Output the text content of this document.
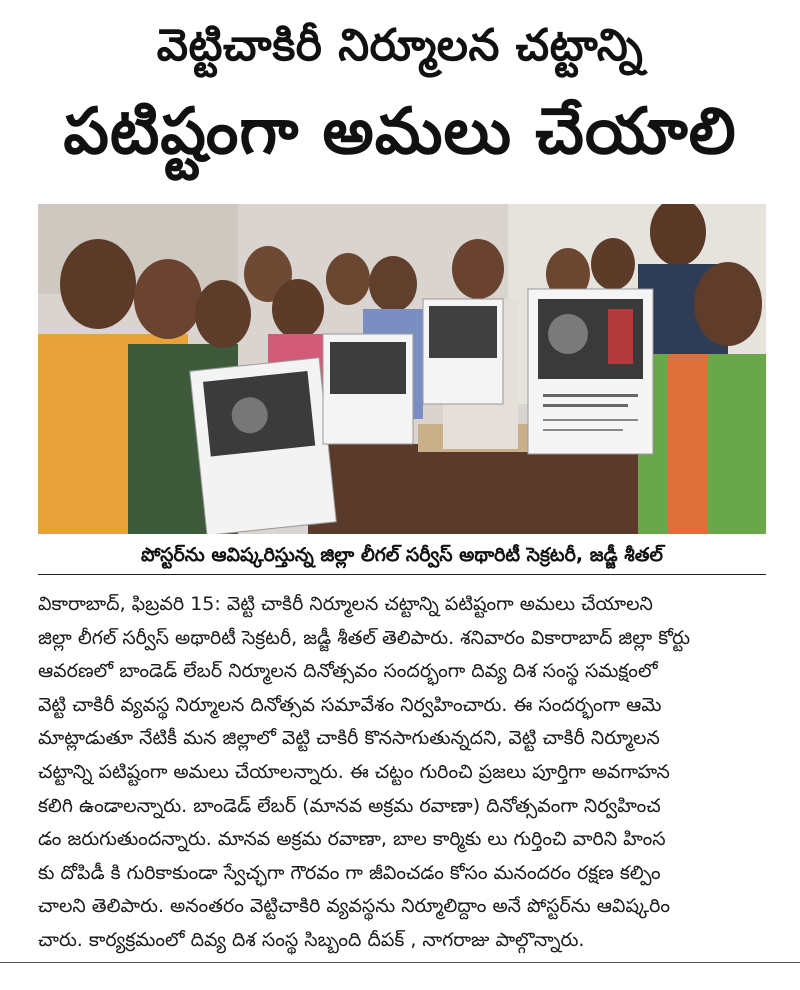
వెట్టిచాకిరీ నిర్మూలన చట్టాన్ని
పటిష్టంగా అమలు చేయాలి
పోస్టర్‌ను ఆవిష్కరిస్తున్న జిల్లా లీగల్ సర్వీస్ అథారిటీ సెక్రటరీ, జడ్జీ శీతల్
వికారాబాద్, ఫిబ్రవరి 15: వెట్టి చాకిరీ నిర్మూలన చట్టాన్ని పటిష్టంగా అమలు చేయాలని
జిల్లా లీగల్ సర్వీస్ అథారిటీ సెక్రటరీ, జడ్జీ శీతల్ తెలిపారు. శనివారం వికారాబాద్ జిల్లా కోర్టు
ఆవరణలో బాండెడ్ లేబర్ నిర్మూలన దినోత్సవం సందర్భంగా దివ్య దిశ సంస్థ సమక్షంలో
వెట్టి చాకిరీ వ్యవస్థ నిర్మూలన దినోత్సవ సమావేశం నిర్వహించారు. ఈ సందర్భంగా ఆమె
మాట్లాడుతూ నేటికీ మన జిల్లాలో వెట్టి చాకిరీ కొనసాగుతున్నదని, వెట్టి చాకిరీ నిర్మూలన
చట్టాన్ని పటిష్టంగా అమలు చేయాలన్నారు. ఈ చట్టం గురించి ప్రజలు పూర్తిగా అవగాహన
కలిగి ఉండాలన్నారు. బాండెడ్ లేబర్ (మానవ అక్రమ రవాణా) దినోత్సవంగా నిర్వహించ
డం జరుగుతుందన్నారు. మానవ అక్రమ రవాణా, బాల కార్మికు లు గుర్తించి వారిని హింస
కు దోపిడీ కి గురికాకుండా స్వేచ్ఛగా గౌరవం గా జీవించడం కోసం మనందరం రక్షణ కల్పిం
చాలని తెలిపారు. అనంతరం వెట్టిచాకిరి వ్యవస్థను నిర్మూలిద్దాం అనే పోస్టర్‌ను ఆవిష్కరిం
చారు. కార్యక్రమంలో దివ్య దిశ సంస్థ సిబ్బంది దీపక్ , నాగరాజు పాల్గొన్నారు.
